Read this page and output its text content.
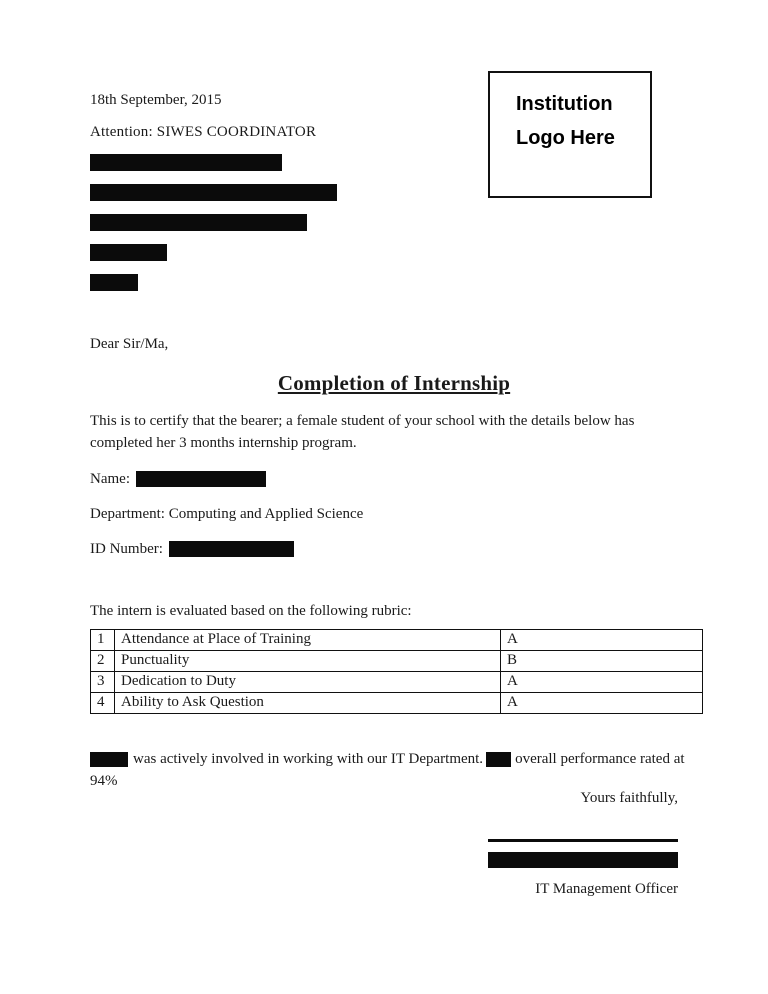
Institution
Logo Here
18th September, 2015
Attention: SIWES COORDINATOR
Dear Sir/Ma,
Completion of Internship

This is to certify that the bearer; a female student of your school with the details below has completed her 3 months internship program.

Name:
Department: Computing and Applied Science
ID Number:
The intern is evaluated based on the following rubric:
1	Attendance at Place of Training	A
2	Punctuality	B
3	Dedication to Duty	A
4	Ability to Ask Question	A

was actively involved in working with our IT Department. overall performance rated at 94%

Yours faithfully,
IT Management Officer
